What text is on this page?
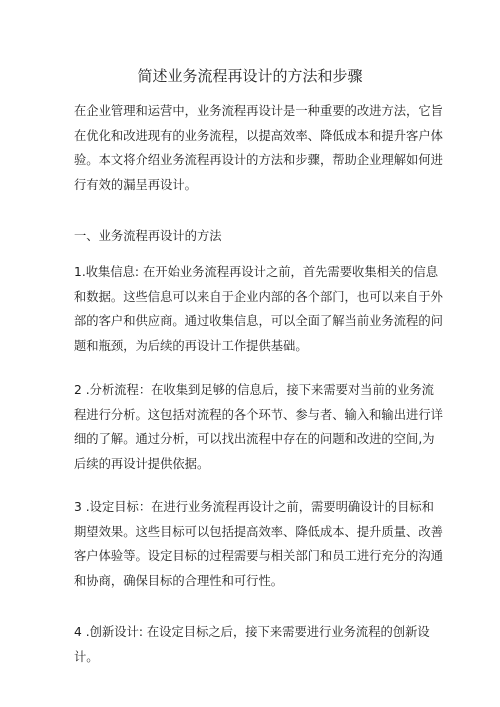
简述业务流程再设计的方法和步骤
在企业管理和运营中，业务流程再设计是一种重要的改进方法，它旨在优化和改进现有的业务流程，以提高效率、降低成本和提升客户体验。本文将介绍业务流程再设计的方法和步骤，帮助企业理解如何进行有效的漏呈再设计。
一、业务流程再设计的方法
1.收集信息: 在开始业务流程再设计之前，首先需要收集相关的信息和数据。这些信息可以来自于企业内部的各个部门，也可以来自于外部的客户和供应商。通过收集信息，可以全面了解当前业务流程的问题和瓶颈，为后续的再设计工作提供基础。
2 .分析流程：在收集到足够的信息后，接下来需要对当前的业务流程进行分析。这包括对流程的各个环节、参与者、输入和输出进行详细的了解。通过分析，可以找出流程中存在的问题和改进的空间,为后续的再设计提供依据。
3 .设定目标：在进行业务流程再设计之前，需要明确设计的目标和期望效果。这些目标可以包括提高效率、降低成本、提升质量、改善客户体验等。设定目标的过程需要与相关部门和员工进行充分的沟通和协商，确保目标的合理性和可行性。
4 .创新设计: 在设定目标之后，接下来需要进行业务流程的创新设计。
